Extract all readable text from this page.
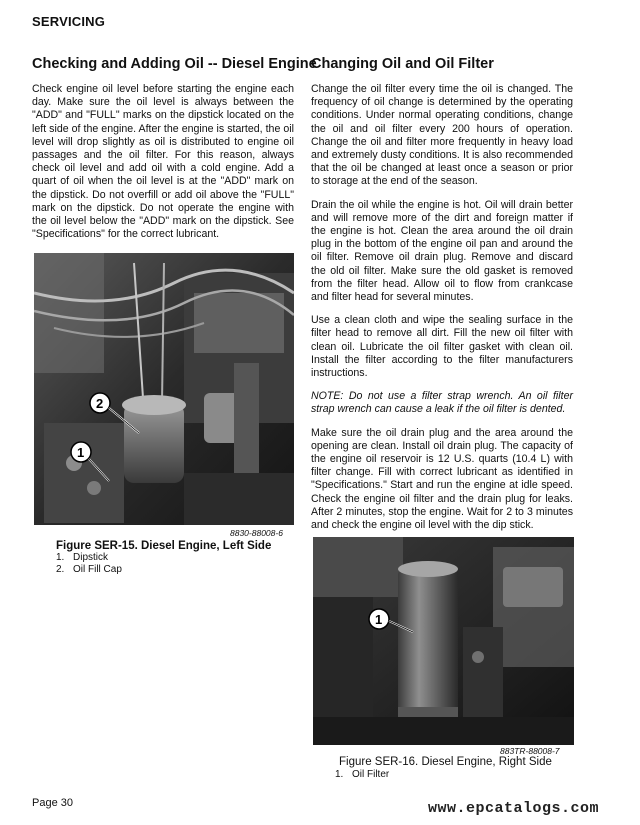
SERVICING
Checking and Adding Oil -- Diesel Engine

Check engine oil level before starting the engine each day. Make sure the oil level is always between the "ADD" and "FULL" marks on the dipstick located on the left side of the engine. After the engine is started, the oil level will drop slightly as oil is distributed to engine oil passages and the oil filter. For this reason, always check oil level and add oil with a cold engine. Add a quart of oil when the oil level is at the "ADD" mark on the dipstick. Do not overfill or add oil above the "FULL" mark on the dipstick. Do not operate the engine with the oil level below the "ADD" mark on the dipstick. See "Specifications" for the correct lubricant.

2
1
8830-88008-6
Figure SER-15. Diesel Engine, Left Side
1. Dipstick
2. Oil Fill Cap
Changing Oil and Oil Filter

Change the oil filter every time the oil is changed. The frequency of oil change is determined by the operating conditions. Under normal operating conditions, change the oil and oil filter every 200 hours of operation. Change the oil and filter more frequently in heavy load and extremely dusty conditions. It is also recommended that the oil be changed at least once a season or prior to storage at the end of the season.

Drain the oil while the engine is hot. Oil will drain better and will remove more of the dirt and foreign matter if the engine is hot. Clean the area around the oil drain plug in the bottom of the engine oil pan and around the oil filter. Remove oil drain plug. Remove and discard the old oil filter. Make sure the old gasket is removed from the filter head. Allow oil to flow from crankcase and filter head for several minutes.

Use a clean cloth and wipe the sealing surface in the filter head to remove all dirt. Fill the new oil filter with clean oil. Lubricate the oil filter gasket with clean oil. Install the filter according to the filter manufacturers instructions.

NOTE: Do not use a filter strap wrench. An oil filter strap wrench can cause a leak if the oil filter is dented.

Make sure the oil drain plug and the area around the opening are clean. Install oil drain plug. The capacity of the engine oil reservoir is 12 U.S. quarts (10.4 L) with filter change. Fill with correct lubricant as identified in "Specifications." Start and run the engine at idle speed. Check the engine oil filter and the drain plug for leaks. After 2 minutes, stop the engine. Wait for 2 to 3 minutes and check the engine oil level with the dip stick.

1
883TR-88008-7
Figure SER-16. Diesel Engine, Right Side
1. Oil Filter
Page 30	www.epcatalogs.com
